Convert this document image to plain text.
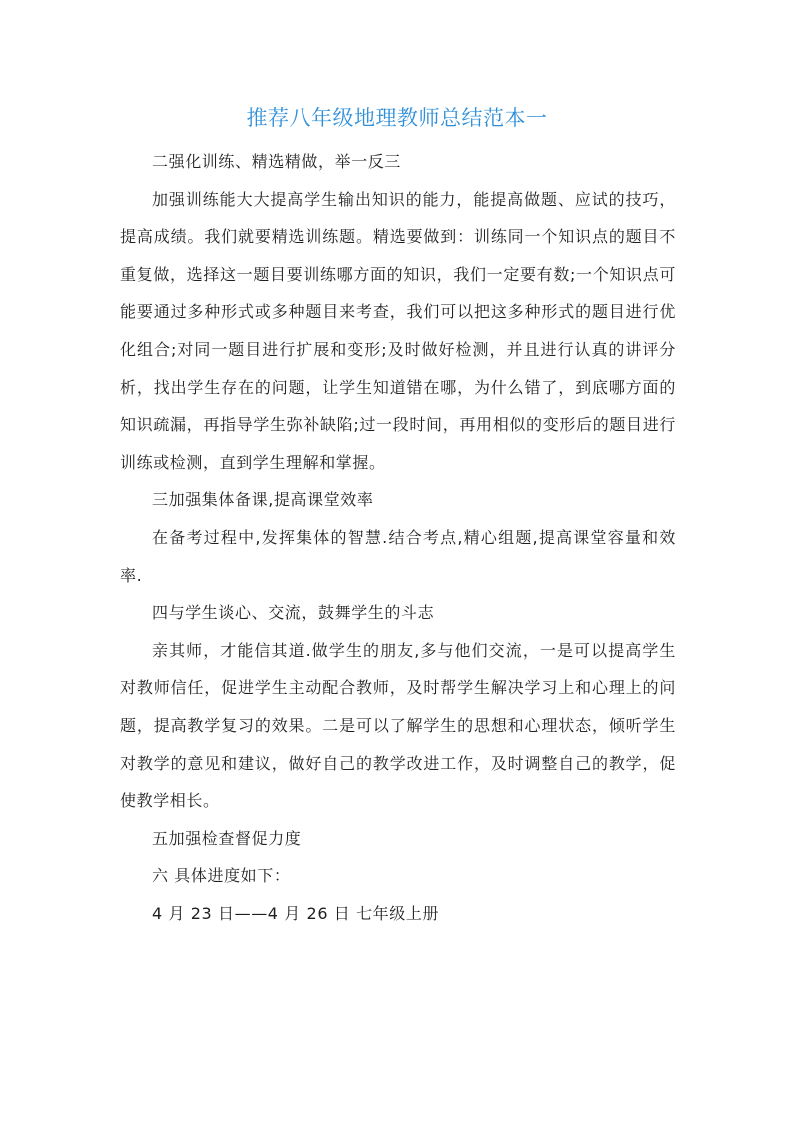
推荐八年级地理教师总结范本一

二强化训练、精选精做，举一反三

加强训练能大大提高学生输出知识的能力，能提高做题、应试的技巧，提高成绩。我们就要精选训练题。精选要做到：训练同一个知识点的题目不重复做，选择这一题目要训练哪方面的知识，我们一定要有数;一个知识点可能要通过多种形式或多种题目来考查，我们可以把这多种形式的题目进行优化组合;对同一题目进行扩展和变形;及时做好检测，并且进行认真的讲评分析，找出学生存在的问题，让学生知道错在哪，为什么错了，到底哪方面的知识疏漏，再指导学生弥补缺陷;过一段时间，再用相似的变形后的题目进行训练或检测，直到学生理解和掌握。

三加强集体备课,提高课堂效率

在备考过程中,发挥集体的智慧.结合考点,精心组题,提高课堂容量和效率.

四与学生谈心、交流，鼓舞学生的斗志

亲其师，才能信其道.做学生的朋友,多与他们交流，一是可以提高学生对教师信任，促进学生主动配合教师，及时帮学生解决学习上和心理上的问题，提高教学复习的效果。二是可以了解学生的思想和心理状态，倾听学生对教学的意见和建议，做好自己的教学改进工作，及时调整自己的教学，促使教学相长。

五加强检查督促力度

六 具体进度如下：

4 月 23 日——4 月 26 日 七年级上册
